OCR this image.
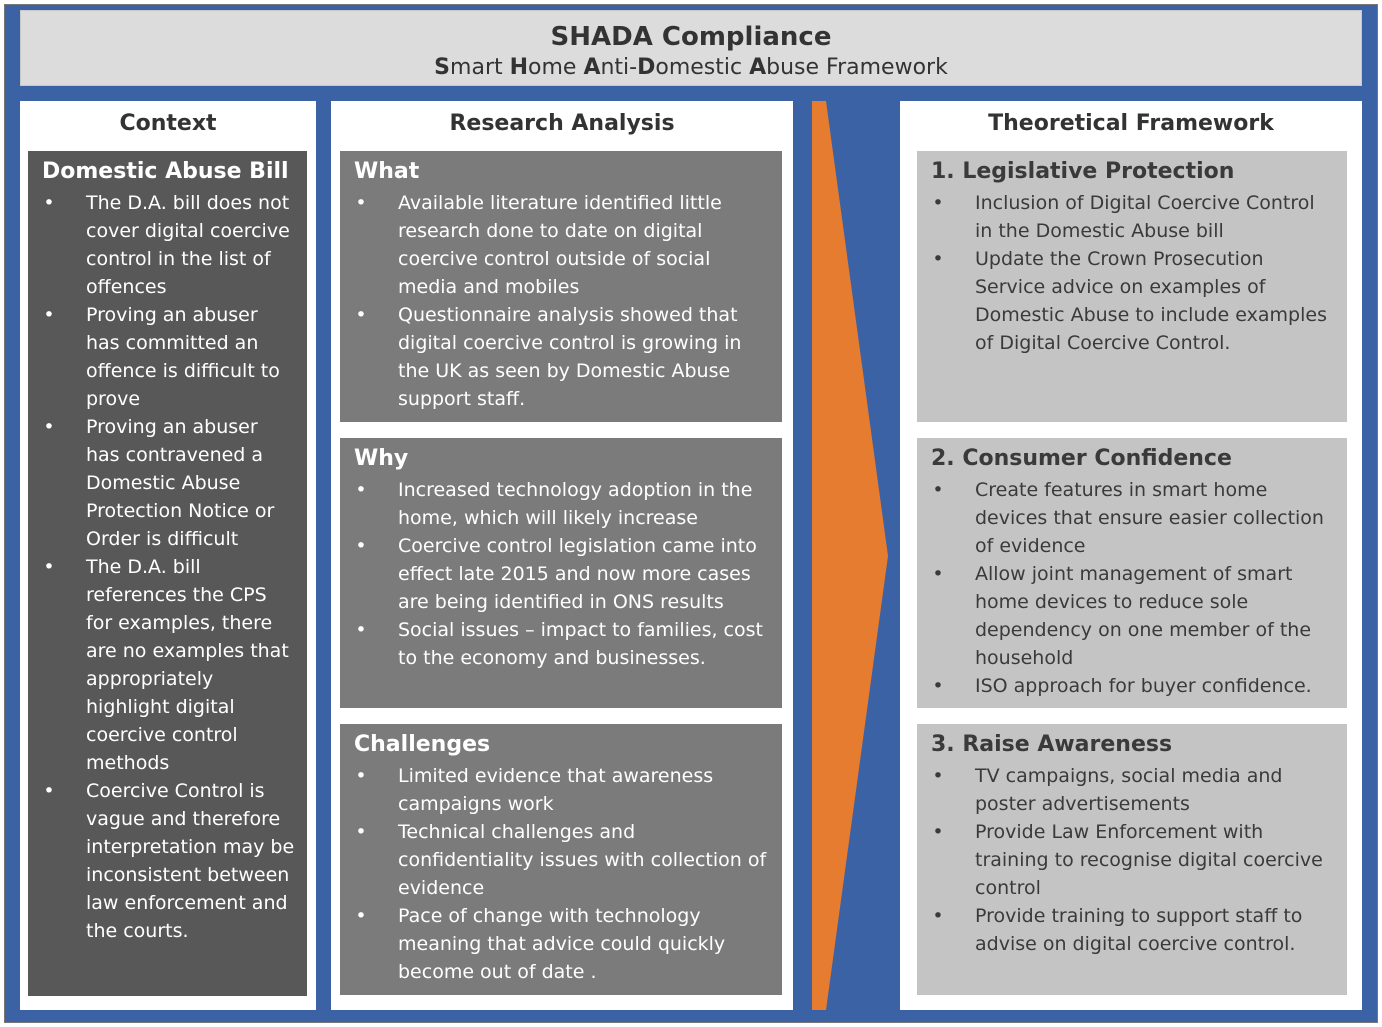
SHADA Compliance
Smart Home Anti-Domestic Abuse Framework
Context
Domestic Abuse Bill
• The D.A. bill does not cover digital coercive control in the list of offences
• Proving an abuser has committed an offence is difficult to prove
• Proving an abuser has contravened a Domestic Abuse Protection Notice or Order is difficult
• The D.A. bill references the CPS for examples, there are no examples that appropriately highlight digital coercive control methods
• Coercive Control is vague and therefore interpretation may be inconsistent between law enforcement and the courts.
Research Analysis
What
• Available literature identified little research done to date on digital coercive control outside of social media and mobiles
• Questionnaire analysis showed that digital coercive control is growing in the UK as seen by Domestic Abuse support staff.
Why
• Increased technology adoption in the home, which will likely increase
• Coercive control legislation came into effect late 2015 and now more cases are being identified in ONS results
• Social issues – impact to families, cost to the economy and businesses.
Challenges
• Limited evidence that awareness campaigns work
• Technical challenges and confidentiality issues with collection of evidence
• Pace of change with technology meaning that advice could quickly become out of date .
Theoretical Framework
1. Legislative Protection
• Inclusion of Digital Coercive Control in the Domestic Abuse bill
• Update the Crown Prosecution Service advice on examples of Domestic Abuse to include examples of Digital Coercive Control.
2. Consumer Confidence
• Create features in smart home devices that ensure easier collection of evidence
• Allow joint management of smart home devices to reduce sole dependency on one member of the household
• ISO approach for buyer confidence.
3. Raise Awareness
• TV campaigns, social media and poster advertisements
• Provide Law Enforcement with training to recognise digital coercive control
• Provide training to support staff to advise on digital coercive control.
